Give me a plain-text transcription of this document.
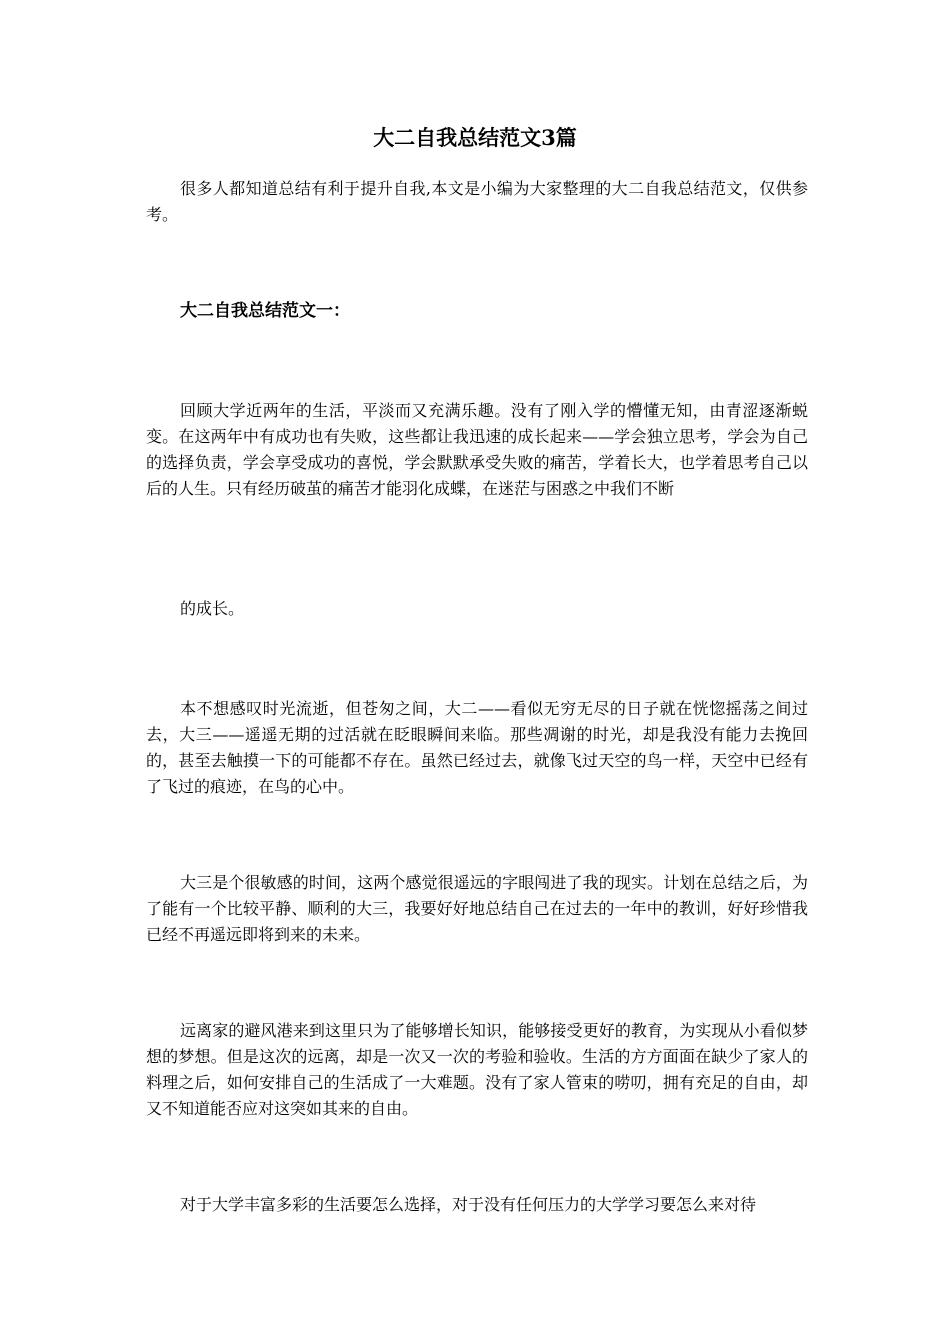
大二自我总结范文3篇

很多人都知道总结有利于提升自我,本文是小编为大家整理的大二自我总结范文，仅供参考。

大二自我总结范文一：

回顾大学近两年的生活，平淡而又充满乐趣。没有了刚入学的懵懂无知，由青涩逐渐蜕变。在这两年中有成功也有失败，这些都让我迅速的成长起来——学会独立思考，学会为自己的选择负责，学会享受成功的喜悦，学会默默承受失败的痛苦，学着长大，也学着思考自己以后的人生。只有经历破茧的痛苦才能羽化成蝶，在迷茫与困惑之中我们不断

的成长。

本不想感叹时光流逝，但苍匆之间，大二——看似无穷无尽的日子就在恍惚摇荡之间过去，大三——遥遥无期的过活就在眨眼瞬间来临。那些凋谢的时光，却是我没有能力去挽回的，甚至去触摸一下的可能都不存在。虽然已经过去，就像飞过天空的鸟一样，天空中已经有了飞过的痕迹，在鸟的心中。

大三是个很敏感的时间，这两个感觉很遥远的字眼闯进了我的现实。计划在总结之后，为了能有一个比较平静、顺利的大三，我要好好地总结自己在过去的一年中的教训，好好珍惜我已经不再遥远即将到来的未来。

远离家的避风港来到这里只为了能够增长知识，能够接受更好的教育，为实现从小看似梦想的梦想。但是这次的远离，却是一次又一次的考验和验收。生活的方方面面在缺少了家人的料理之后，如何安排自己的生活成了一大难题。没有了家人管束的唠叨，拥有充足的自由，却又不知道能否应对这突如其来的自由。

对于大学丰富多彩的生活要怎么选择，对于没有任何压力的大学学习要怎么来对待
